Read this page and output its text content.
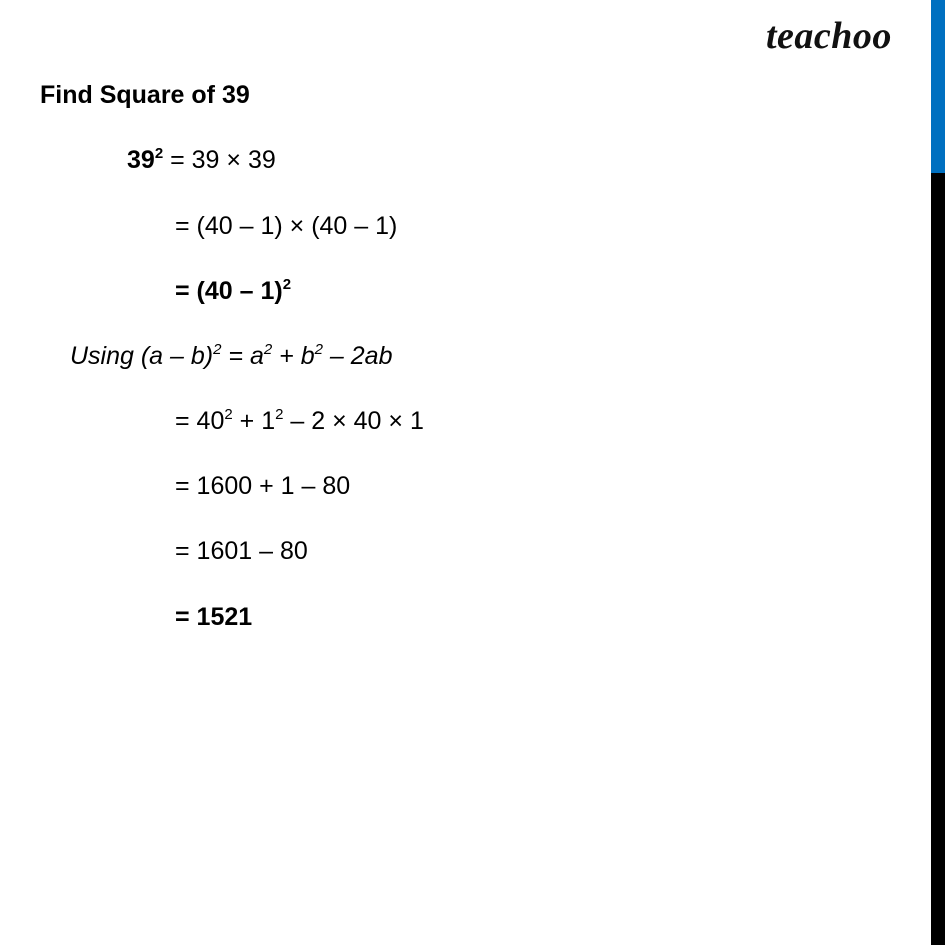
teachoo
Find Square of 39
$39^2 = 39 \times 39$
= (40 – 1) × (40 – 1)
= (40 – 1)$^2$
Using $(a - b)^2 = a^2 + b^2 - 2ab$
= $40^2 + 1^2 - 2 \times 40 \times 1$
= 1600 + 1 – 80
= 1601 – 80
= 1521
